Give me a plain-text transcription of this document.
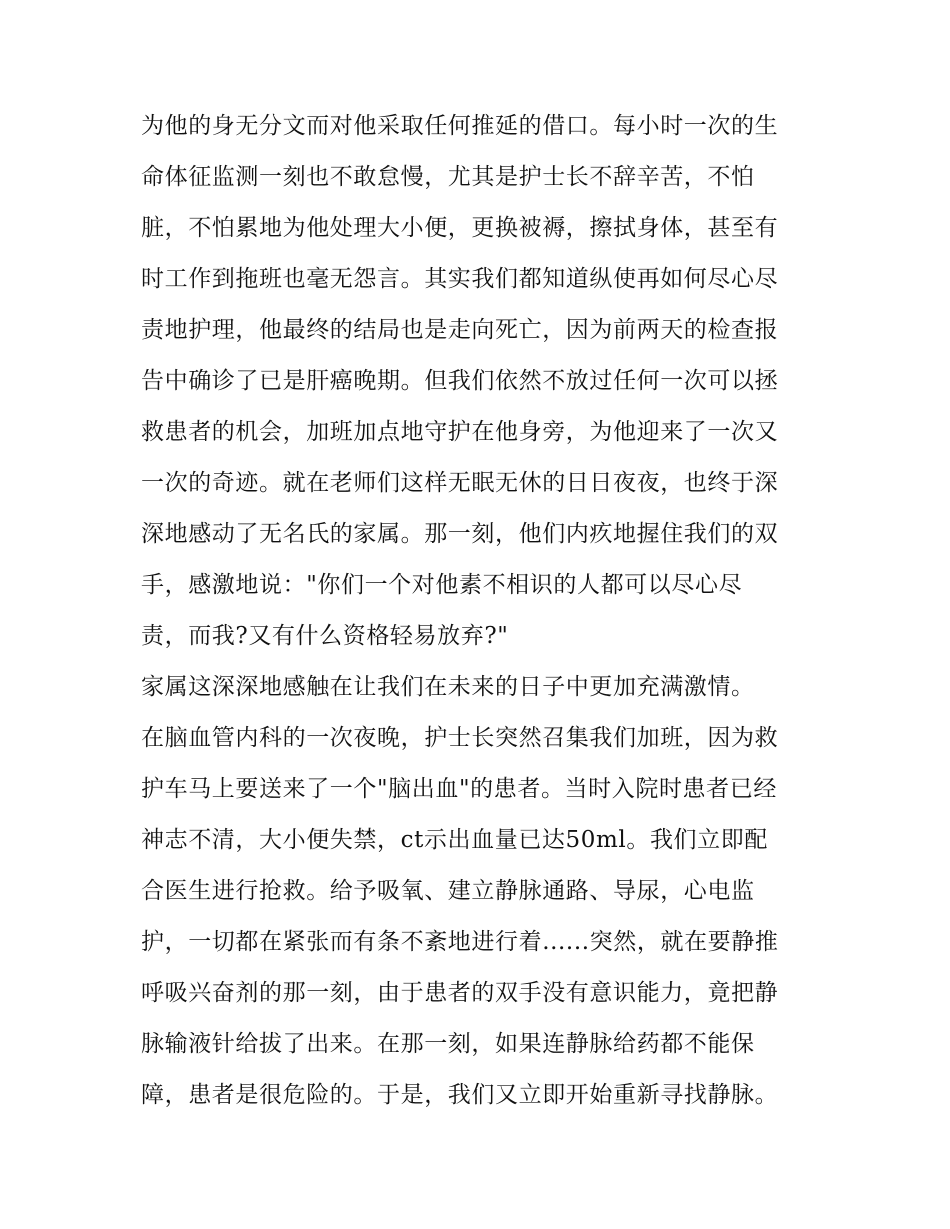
为他的身无分文而对他采取任何推延的借口。每小时一次的生
命体征监测一刻也不敢怠慢，尤其是护士长不辞辛苦，不怕
脏，不怕累地为他处理大小便，更换被褥，擦拭身体，甚至有
时工作到拖班也毫无怨言。其实我们都知道纵使再如何尽心尽
责地护理，他最终的结局也是走向死亡，因为前两天的检查报
告中确诊了已是肝癌晚期。但我们依然不放过任何一次可以拯
救患者的机会，加班加点地守护在他身旁，为他迎来了一次又
一次的奇迹。就在老师们这样无眠无休的日日夜夜，也终于深
深地感动了无名氏的家属。那一刻，他们内疚地握住我们的双
手，感激地说："你们一个对他素不相识的人都可以尽心尽
责，而我?又有什么资格轻易放弃?"
家属这深深地感触在让我们在未来的日子中更加充满激情。
在脑血管内科的一次夜晚，护士长突然召集我们加班，因为救
护车马上要送来了一个"脑出血"的患者。当时入院时患者已经
神志不清，大小便失禁，ct示出血量已达50ml。我们立即配
合医生进行抢救。给予吸氧、建立静脉通路、导尿，心电监
护，一切都在紧张而有条不紊地进行着......突然，就在要静推
呼吸兴奋剂的那一刻，由于患者的双手没有意识能力，竟把静
脉输液针给拔了出来。在那一刻，如果连静脉给药都不能保
障，患者是很危险的。于是，我们又立即开始重新寻找静脉。
